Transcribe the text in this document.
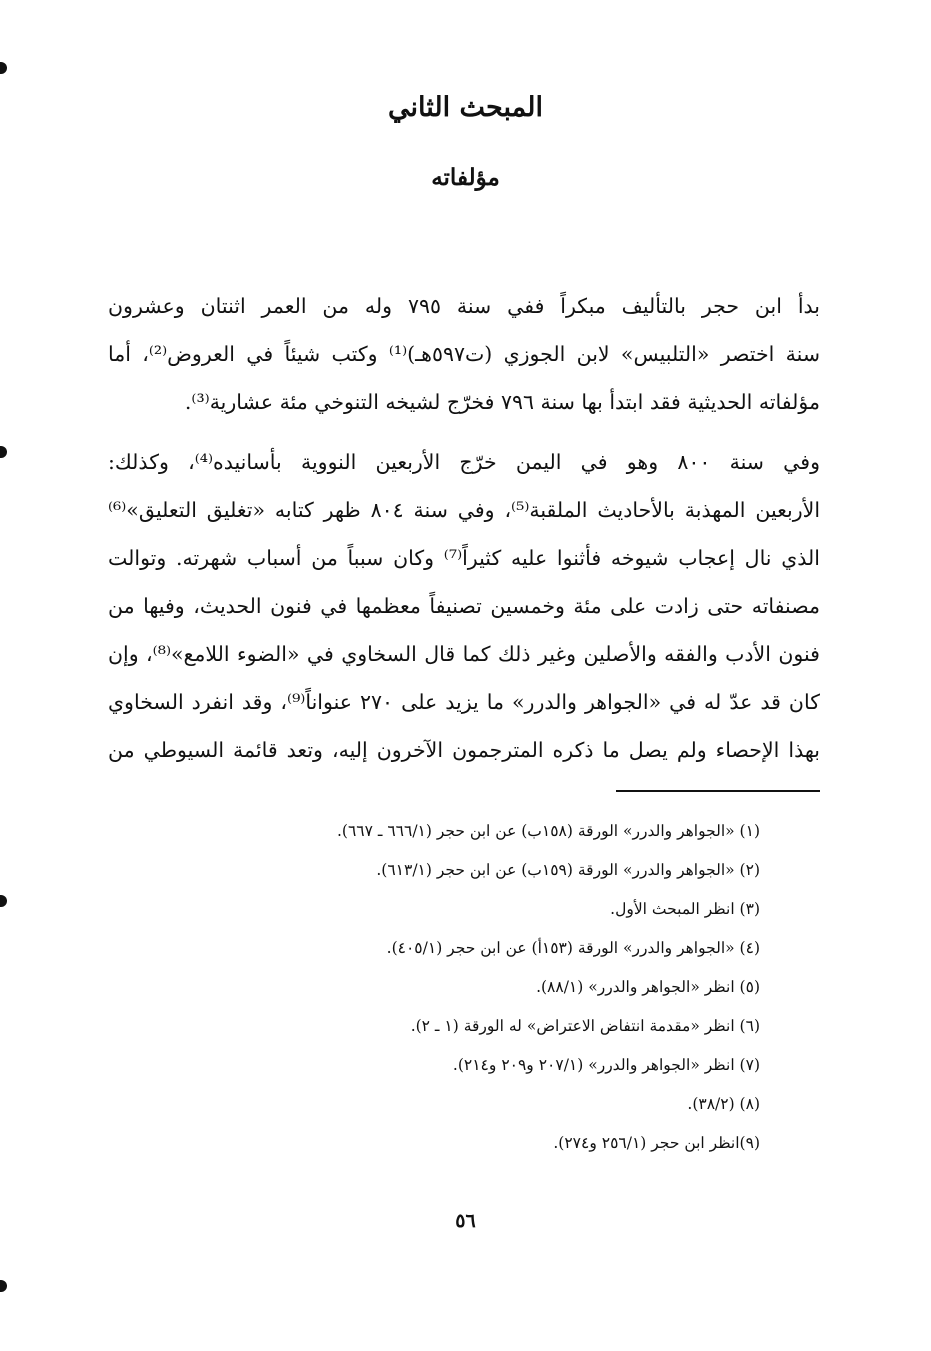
المبحث الثاني
مؤلفاته
بدأ ابن حجر بالتأليف مبكراً ففي سنة ٧٩٥ وله من العمر اثنتان وعشرون
سنة اختصر «التلبيس» لابن الجوزي (ت٥٩٧هـ)⁽¹⁾ وكتب شيئاً في العروض⁽²⁾، أما
مؤلفاته الحديثية فقد ابتدأ بها سنة ٧٩٦ فخرّج لشيخه التنوخي مئة عشارية⁽³⁾.
وفي سنة ٨٠٠ وهو في اليمن خرّج الأربعين النووية بأسانيده⁽⁴⁾، وكذلك:
الأربعين المهذبة بالأحاديث الملقبة⁽⁵⁾، وفي سنة ٨٠٤ ظهر كتابه «تغليق التعليق»⁽⁶⁾
الذي نال إعجاب شيوخه فأثنوا عليه كثيراً⁽⁷⁾ وكان سبباً من أسباب شهرته. وتوالت
مصنفاته حتى زادت على مئة وخمسين تصنيفاً معظمها في فنون الحديث، وفيها من
فنون الأدب والفقه والأصلين وغير ذلك كما قال السخاوي في «الضوء اللامع»⁽⁸⁾، وإن
كان قد عدّ له في «الجواهر والدرر» ما يزيد على ٢٧٠ عنواناً⁽⁹⁾، وقد انفرد السخاوي
بهذا الإحصاء ولم يصل ما ذكره المترجمون الآخرون إليه، وتعد قائمة السيوطي من
(١) «الجواهر والدرر» الورقة (١٥٨ب) عن ابن حجر (٦٦٦/١ ـ ٦٦٧).
(٢) «الجواهر والدرر» الورقة (١٥٩ب) عن ابن حجر (٦١٣/١).
(٣) انظر المبحث الأول.
(٤) «الجواهر والدرر» الورقة (١٥٣أ) عن ابن حجر (٤٠٥/١).
(٥) انظر «الجواهر والدرر» (٨٨/١).
(٦) انظر «مقدمة انتفاض الاعتراض» له الورقة (١ ـ ٢).
(٧) انظر «الجواهر والدرر» (٢٠٧/١ و٢٠٩ و٢١٤).
(٨) (٣٨/٢).
(٩)انظر ابن حجر (٢٥٦/١ و٢٧٤).
٥٦
